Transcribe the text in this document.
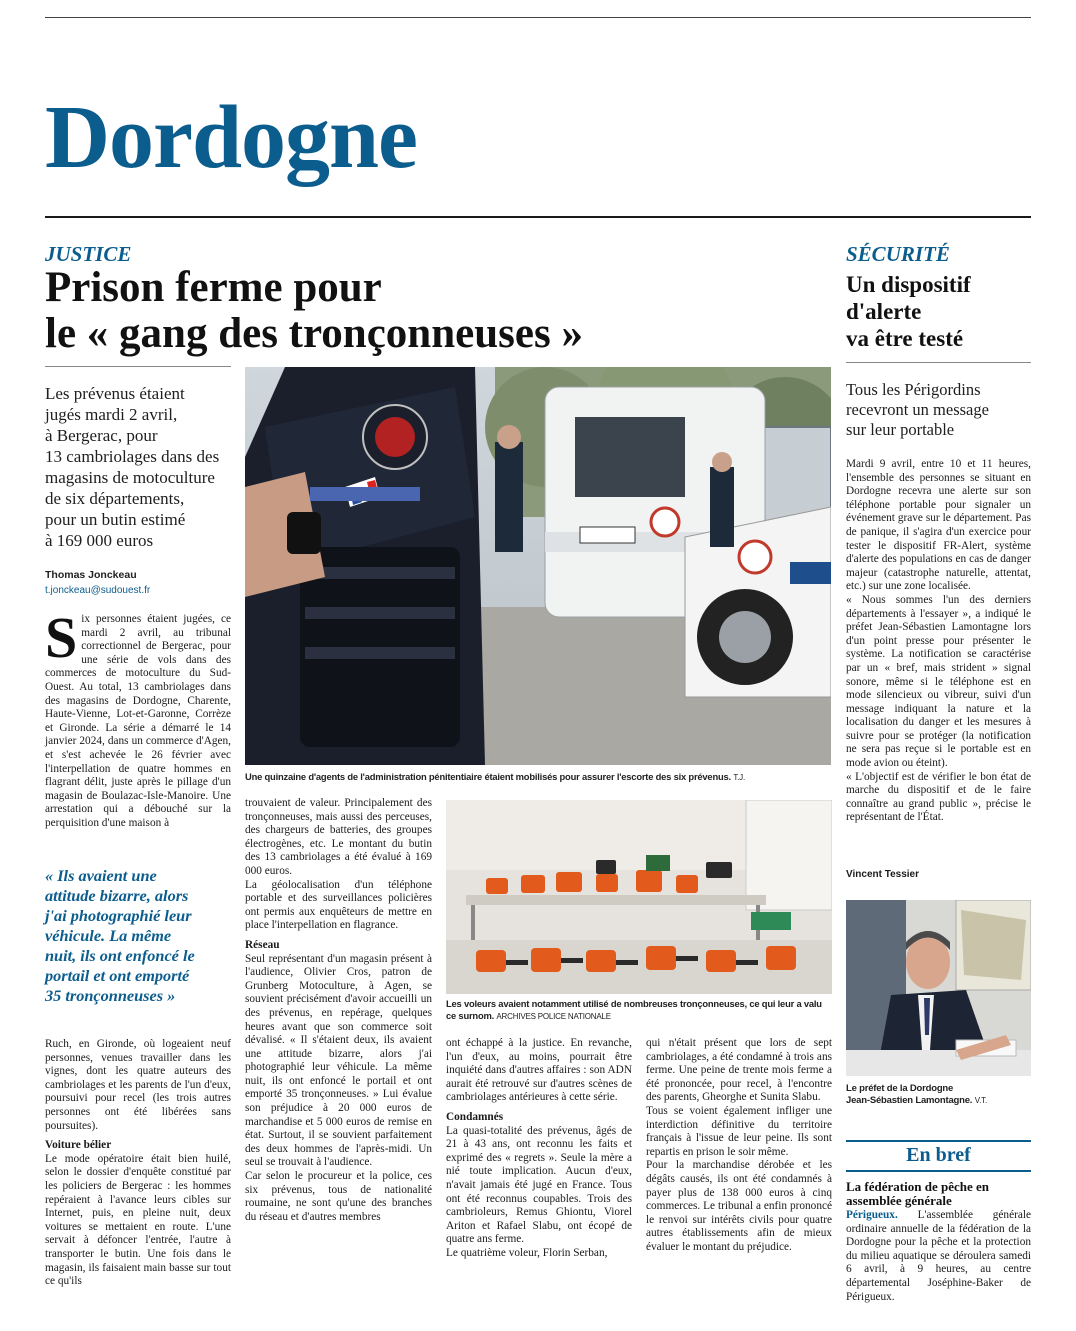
Dordogne
JUSTICE
Prison ferme pour
le « gang des tronçonneuses »
Les prévenus étaient
jugés mardi 2 avril,
à Bergerac, pour
13 cambriolages dans des
magasins de motoculture
de six départements,
pour un butin estimé
à 169 000 euros
Thomas Jonckeau
t.jonckeau@sudouest.fr

Six personnes étaient jugées, ce mardi 2 avril, au tribunal correctionnel de Bergerac, pour une série de vols dans des commerces de motoculture du Sud-Ouest. Au total, 13 cambriolages dans des magasins de Dordogne, Charente, Haute-Vienne, Lot-et-Garonne, Corrèze et Gironde. La série a démarré le 14 janvier 2024, dans un commerce d'Agen, et s'est achevée le 26 février avec l'interpellation de quatre hommes en flagrant délit, juste après le pillage d'un magasin de Boulazac-Isle-Manoire. Une arrestation qui a débouché sur la perquisition d'une maison à

« Ils avaient une
attitude bizarre, alors
j'ai photographié leur
véhicule. La même
nuit, ils ont enfoncé le
portail et ont emporté
35 tronçonneuses »

Ruch, en Gironde, où logeaient neuf personnes, venues travailler dans les vignes, dont les quatre auteurs des cambriolages et les parents de l'un d'eux, poursuivi pour recel (les trois autres personnes ont été libérées sans poursuites).

Voiture bélier

Le mode opératoire était bien huilé, selon le dossier d'enquête constitué par les policiers de Bergerac : les hommes repéraient à l'avance leurs cibles sur Internet, puis, en pleine nuit, deux voitures se mettaient en route. L'une servait à défoncer l'entrée, l'autre à transporter le butin. Une fois dans le magasin, ils faisaient main basse sur tout ce qu'ils

Une quinzaine d'agents de l'administration pénitentiaire étaient mobilisés pour assurer l'escorte des six prévenus. T.J.

trouvaient de valeur. Principalement des tronçonneuses, mais aussi des perceuses, des chargeurs de batteries, des groupes électrogènes, etc. Le montant du butin des 13 cambriolages a été évalué à 169 000 euros.

La géolocalisation d'un téléphone portable et des surveillances policières ont permis aux enquêteurs de mettre en place l'interpellation en flagrance.

Réseau

Seul représentant d'un magasin présent à l'audience, Olivier Cros, patron de Grunberg Motoculture, à Agen, se souvient précisément d'avoir accueilli un des prévenus, en repérage, quelques heures avant que son commerce soit dévalisé. « Il s'étaient deux, ils avaient une attitude bizarre, alors j'ai photographié leur véhicule. La même nuit, ils ont enfoncé le portail et ont emporté 35 tronçonneuses. » Lui évalue son préjudice à 20 000 euros de marchandise et 5 000 euros de remise en état. Surtout, il se souvient parfaitement des deux hommes de l'après-midi. Un seul se trouvait à l'audience.

Car selon le procureur et la police, ces six prévenus, tous de nationalité roumaine, ne sont qu'une des branches du réseau et d'autres membres

Les voleurs avaient notamment utilisé de nombreuses tronçonneuses, ce qui leur a valu ce surnom. ARCHIVES POLICE NATIONALE

ont échappé à la justice. En revanche, l'un d'eux, au moins, pourrait être inquiété dans d'autres affaires : son ADN aurait été retrouvé sur d'autres scènes de cambriolages antérieures à cette série.

Condamnés

La quasi-totalité des prévenus, âgés de 21 à 43 ans, ont reconnu les faits et exprimé des « regrets ». Seule la mère a nié toute implication. Aucun d'eux, n'avait jamais été jugé en France. Tous ont été reconnus coupables. Trois des cambrioleurs, Remus Ghiontu, Viorel Ariton et Rafael Slabu, ont écopé de quatre ans ferme.

Le quatrième voleur, Florin Serban,

qui n'était présent que lors de sept cambriolages, a été condamné à trois ans ferme. Une peine de trente mois ferme a été prononcée, pour recel, à l'encontre des parents, Gheorghe et Sunita Slabu.

Tous se voient également infliger une interdiction définitive du territoire français à l'issue de leur peine. Ils sont repartis en prison le soir même.

Pour la marchandise dérobée et les dégâts causés, ils ont été condamnés à payer plus de 138 000 euros à cinq commerces. Le tribunal a enfin prononcé le renvoi sur intérêts civils pour quatre autres établissements afin de mieux évaluer le montant du préjudice.

SÉCURITÉ
Un dispositif
d'alerte
va être testé
Tous les Périgordins
recevront un message
sur leur portable

Mardi 9 avril, entre 10 et 11 heures, l'ensemble des personnes se situant en Dordogne recevra une alerte sur son téléphone portable pour signaler un événement grave sur le département. Pas de panique, il s'agira d'un exercice pour tester le dispositif FR-Alert, système d'alerte des populations en cas de danger majeur (catastrophe naturelle, attentat, etc.) sur une zone localisée.

« Nous sommes l'un des derniers départements à l'essayer », a indiqué le préfet Jean-Sébastien Lamontagne lors d'un point presse pour présenter le système. La notification se caractérise par un « bref, mais strident » signal sonore, même si le téléphone est en mode silencieux ou vibreur, suivi d'un message indiquant la nature et la localisation du danger et les mesures à suivre pour se protéger (la notification ne sera pas reçue si le portable est en mode avion ou éteint).

« L'objectif est de vérifier le bon état de marche du dispositif et de le faire connaître au grand public », précise le représentant de l'État.

Vincent Tessier
Le préfet de la Dordogne
Jean-Sébastien Lamontagne. V.T.
En bref
La fédération de pêche en assemblée générale
Périgueux. L'assemblée générale ordinaire annuelle de la fédération de la Dordogne pour la pêche et la protection du milieu aquatique se déroulera samedi 6 avril, à 9 heures, au centre départemental Joséphine-Baker de Périgueux.
